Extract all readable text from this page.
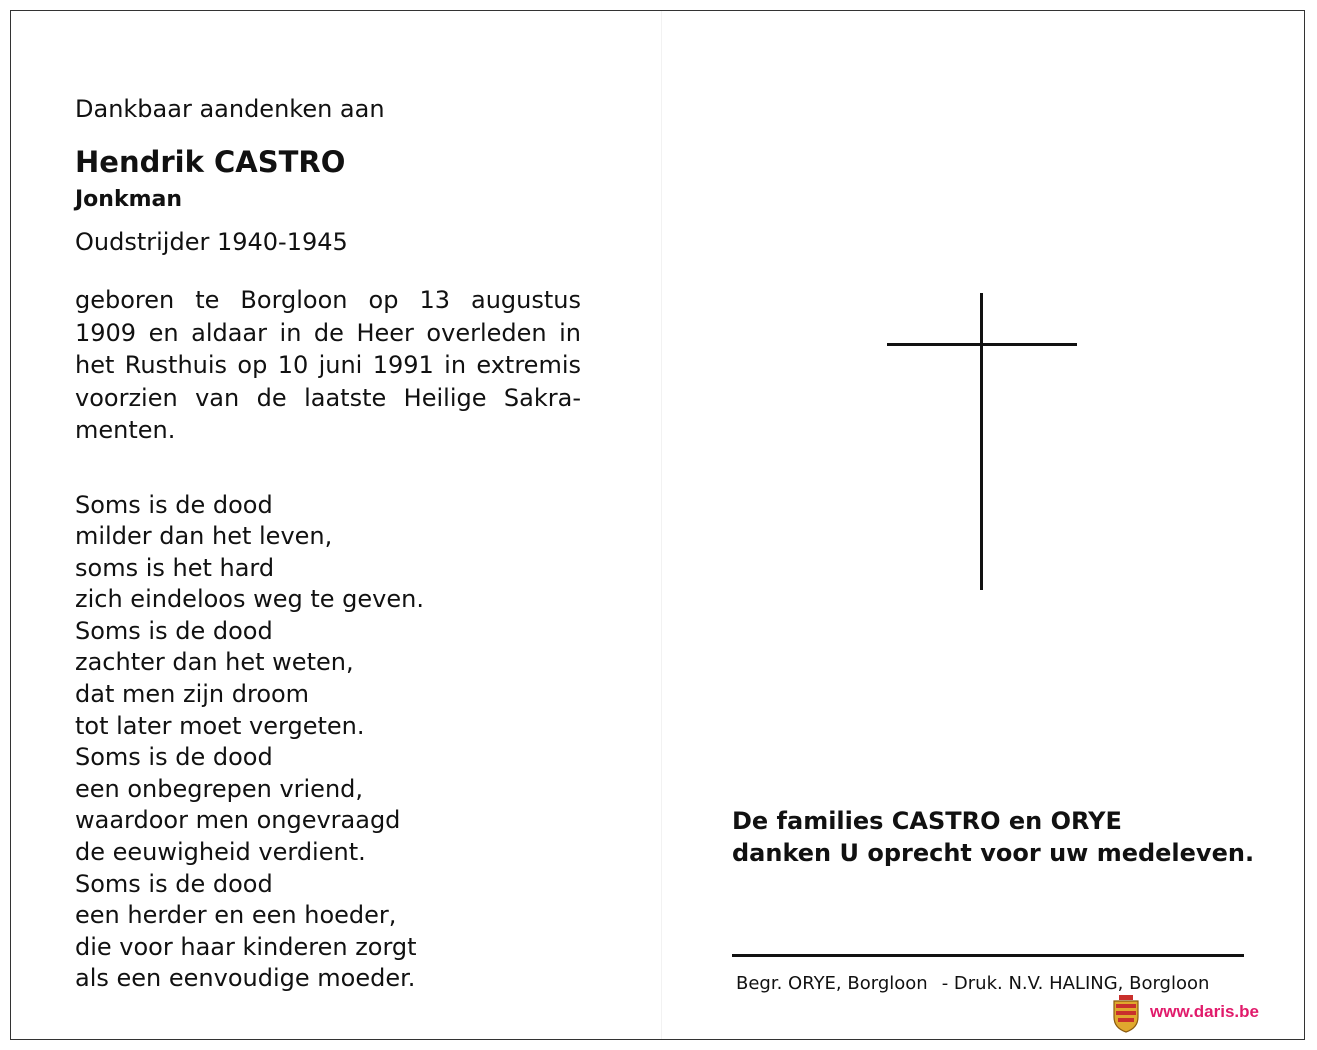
Dankbaar aandenken aan

Hendrik CASTRO

Jonkman

Oudstrijder 1940-1945

geboren te Borgloon op 13 augustus 1909 en aldaar in de Heer overleden in het Rusthuis op 10 juni 1991 in extremis voorzien van de laatste Heilige Sakra-menten.

Soms is de dood
milder dan het leven,
soms is het hard
zich eindeloos weg te geven.
Soms is de dood
zachter dan het weten,
dat men zijn droom
tot later moet vergeten.
Soms is de dood
een onbegrepen vriend,
waardoor men ongevraagd
de eeuwigheid verdient.
Soms is de dood
een herder en een hoeder,
die voor haar kinderen zorgt
als een eenvoudige moeder.
De families CASTRO en ORYE
danken U oprecht voor uw medeleven.
Begr. ORYE, Borgloon - Druk. N.V. HALING, Borgloon
www.daris.be
